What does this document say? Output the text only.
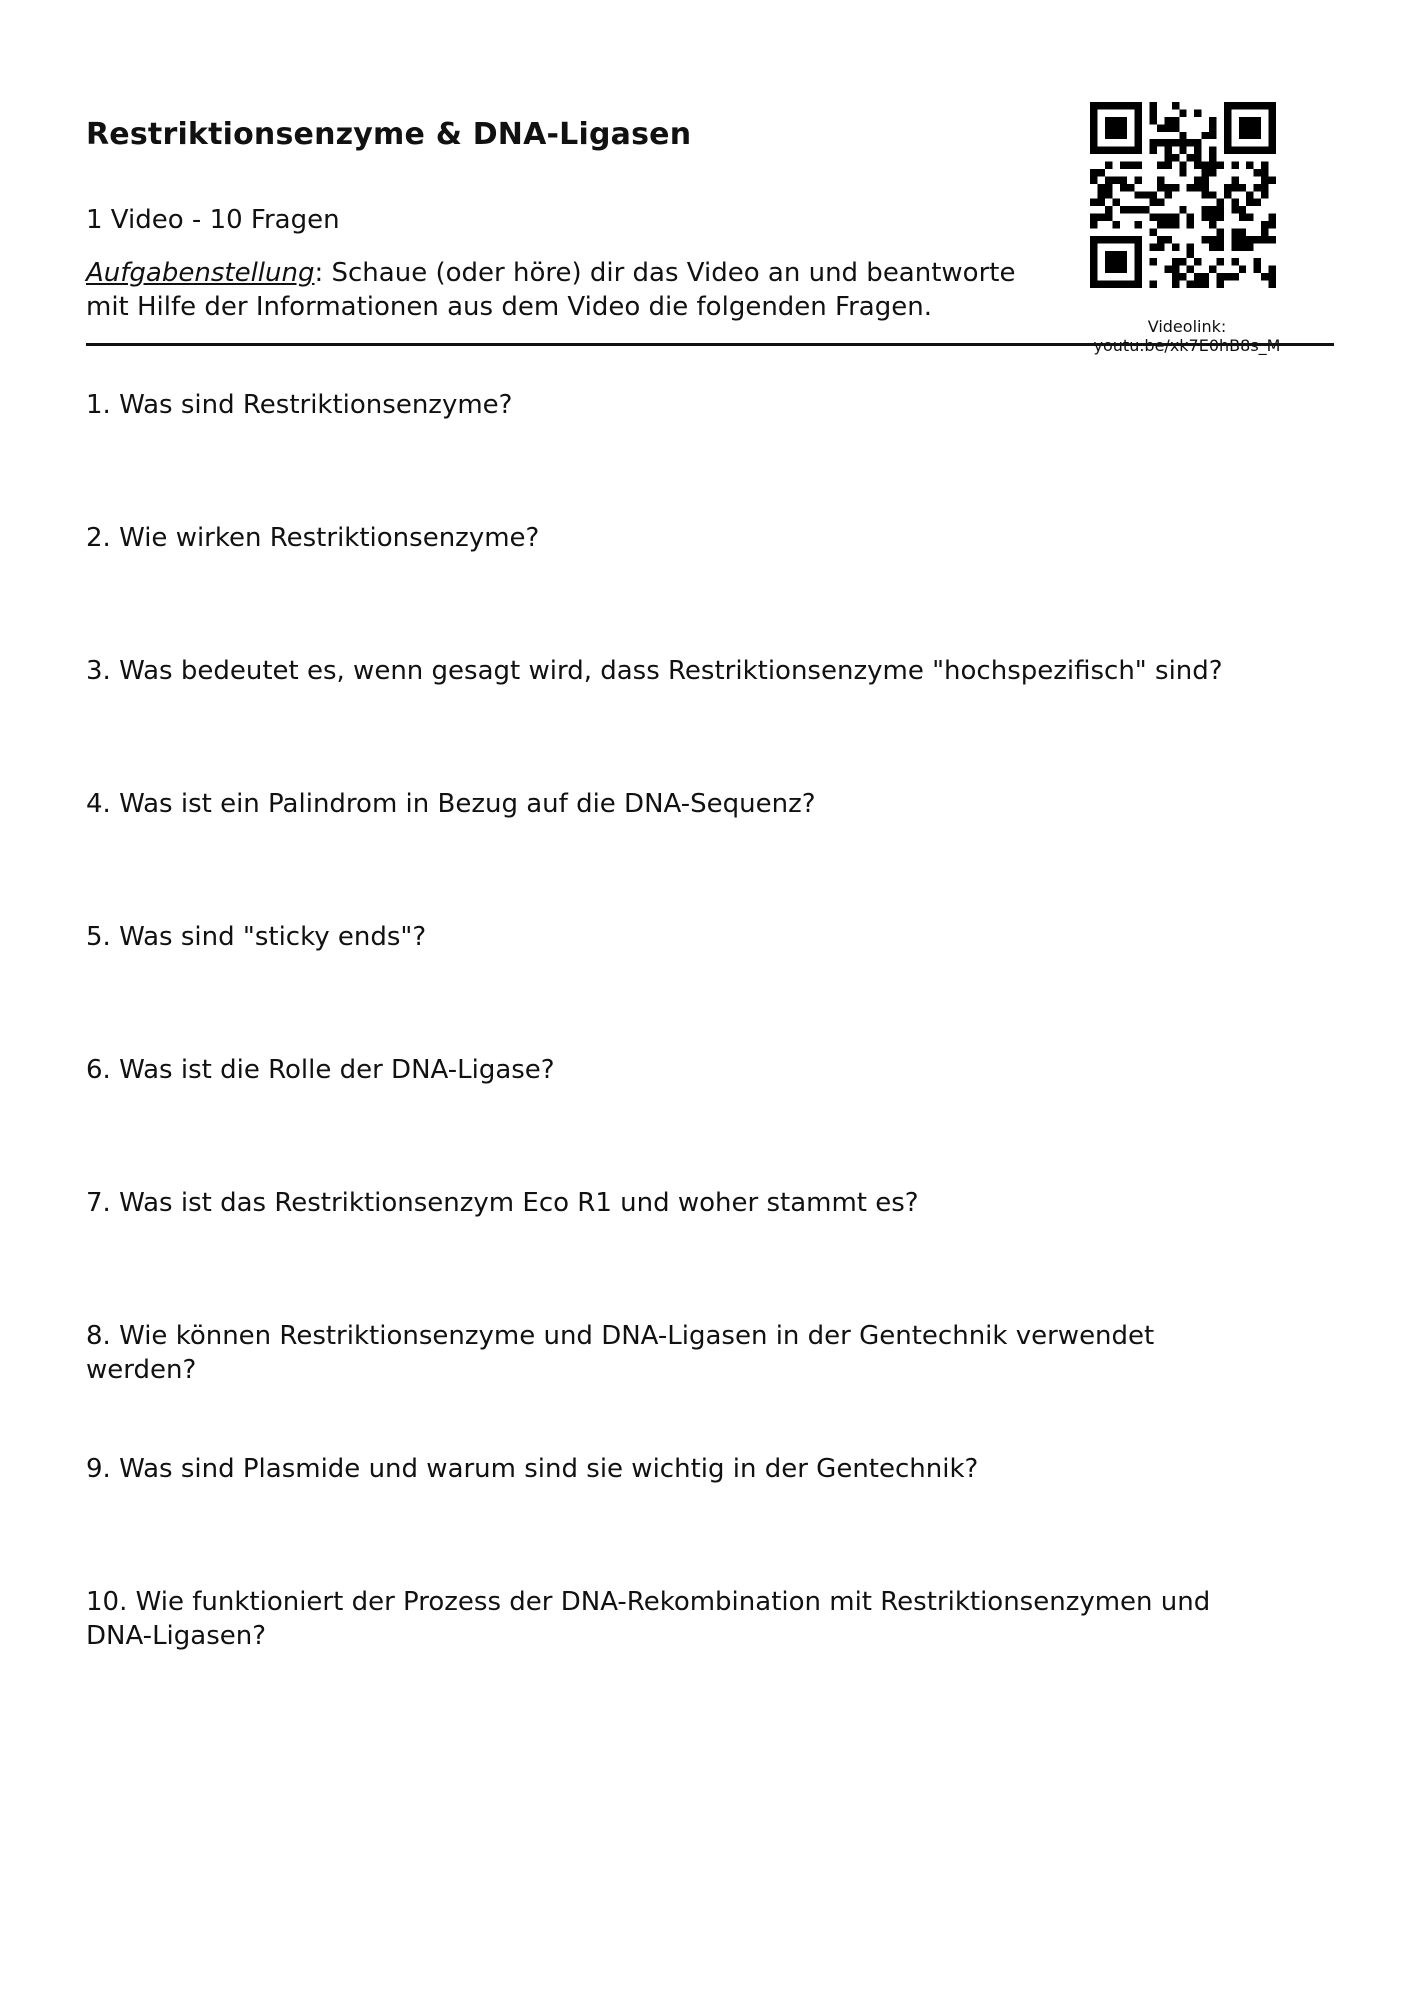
Restriktionsenzyme & DNA-Ligasen

1 Video - 10 Fragen

Aufgabenstellung: Schaue (oder höre) dir das Video an und beantworte mit Hilfe der Informationen aus dem Video die folgenden Fragen.

Videolink:

1. Was sind Restriktionsenzyme?
2. Wie wirken Restriktionsenzyme?
3. Was bedeutet es, wenn gesagt wird, dass Restriktionsenzyme "hochspezifisch" sind?
4. Was ist ein Palindrom in Bezug auf die DNA-Sequenz?
5. Was sind "sticky ends"?
6. Was ist die Rolle der DNA-Ligase?
7. Was ist das Restriktionsenzym Eco R1 und woher stammt es?
8. Wie können Restriktionsenzyme und DNA-Ligasen in der Gentechnik verwendet werden?
9. Was sind Plasmide und warum sind sie wichtig in der Gentechnik?
10. Wie funktioniert der Prozess der DNA-Rekombination mit Restriktionsenzymen und DNA-Ligasen?
